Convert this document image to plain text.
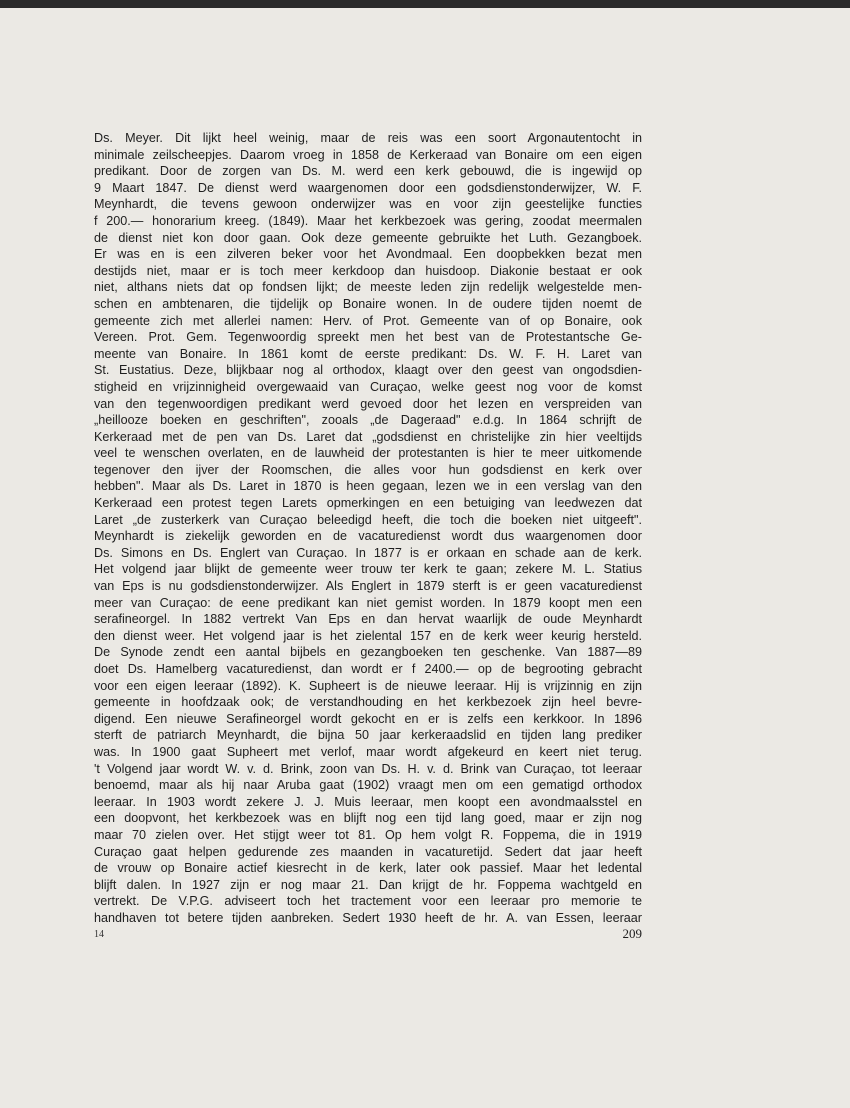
Ds. Meyer. Dit lijkt heel weinig, maar de reis was een soort Argonautentocht in
minimale zeilscheepjes. Daarom vroeg in 1858 de Kerkeraad van Bonaire om een eigen
predikant. Door de zorgen van Ds. M. werd een kerk gebouwd, die is ingewijd op
9 Maart 1847. De dienst werd waargenomen door een godsdienstonderwijzer, W. F.
Meynhardt, die tevens gewoon onderwijzer was en voor zijn geestelijke functies
f 200.— honorarium kreeg. (1849). Maar het kerkbezoek was gering, zoodat meermalen
de dienst niet kon door gaan. Ook deze gemeente gebruikte het Luth. Gezangboek.
Er was en is een zilveren beker voor het Avondmaal. Een doopbekken bezat men
destijds niet, maar er is toch meer kerkdoop dan huisdoop. Diakonie bestaat er ook
niet, althans niets dat op fondsen lijkt; de meeste leden zijn redelijk welgestelde men-
schen en ambtenaren, die tijdelijk op Bonaire wonen. In de oudere tijden noemt de
gemeente zich met allerlei namen: Herv. of Prot. Gemeente van of op Bonaire, ook
Vereen. Prot. Gem. Tegenwoordig spreekt men het best van de Protestantsche Ge-
meente van Bonaire. In 1861 komt de eerste predikant: Ds. W. F. H. Laret van
St. Eustatius. Deze, blijkbaar nog al orthodox, klaagt over den geest van ongodsdien-
stigheid en vrijzinnigheid overgewaaid van Curaçao, welke geest nog voor de komst
van den tegenwoordigen predikant werd gevoed door het lezen en verspreiden van
„heillooze boeken en geschriften", zooals „de Dageraad" e.d.g. In 1864 schrijft de
Kerkeraad met de pen van Ds. Laret dat „godsdienst en christelijke zin hier veeltijds
veel te wenschen overlaten, en de lauwheid der protestanten is hier te meer uitkomende
tegenover den ijver der Roomschen, die alles voor hun godsdienst en kerk over
hebben". Maar als Ds. Laret in 1870 is heen gegaan, lezen we in een verslag van den
Kerkeraad een protest tegen Larets opmerkingen en een betuiging van leedwezen dat
Laret „de zusterkerk van Curaçao beleedigd heeft, die toch die boeken niet uitgeeft".
Meynhardt is ziekelijk geworden en de vacaturedienst wordt dus waargenomen door
Ds. Simons en Ds. Englert van Curaçao. In 1877 is er orkaan en schade aan de kerk.
Het volgend jaar blijkt de gemeente weer trouw ter kerk te gaan; zekere M. L. Statius
van Eps is nu godsdienstonderwijzer. Als Englert in 1879 sterft is er geen vacaturedienst
meer van Curaçao: de eene predikant kan niet gemist worden. In 1879 koopt men een
serafineorgel. In 1882 vertrekt Van Eps en dan hervat waarlijk de oude Meynhardt
den dienst weer. Het volgend jaar is het zielental 157 en de kerk weer keurig hersteld.
De Synode zendt een aantal bijbels en gezangboeken ten geschenke. Van 1887—89
doet Ds. Hamelberg vacaturedienst, dan wordt er f 2400.— op de begrooting gebracht
voor een eigen leeraar (1892). K. Supheert is de nieuwe leeraar. Hij is vrijzinnig en zijn
gemeente in hoofdzaak ook; de verstandhouding en het kerkbezoek zijn heel bevre-
digend. Een nieuwe Serafineorgel wordt gekocht en er is zelfs een kerkkoor. In 1896
sterft de patriarch Meynhardt, die bijna 50 jaar kerkeraadslid en tijden lang prediker
was. In 1900 gaat Supheert met verlof, maar wordt afgekeurd en keert niet terug.
't Volgend jaar wordt W. v. d. Brink, zoon van Ds. H. v. d. Brink van Curaçao, tot leeraar
benoemd, maar als hij naar Aruba gaat (1902) vraagt men om een gematigd orthodox
leeraar. In 1903 wordt zekere J. J. Muis leeraar, men koopt een avondmaalsstel en
een doopvont, het kerkbezoek was en blijft nog een tijd lang goed, maar er zijn nog
maar 70 zielen over. Het stijgt weer tot 81. Op hem volgt R. Foppema, die in 1919
Curaçao gaat helpen gedurende zes maanden in vacaturetijd. Sedert dat jaar heeft
de vrouw op Bonaire actief kiesrecht in de kerk, later ook passief. Maar het ledental
blijft dalen. In 1927 zijn er nog maar 21. Dan krijgt de hr. Foppema wachtgeld en
vertrekt. De V.P.G. adviseert toch het tractement voor een leeraar pro memorie te
handhaven tot betere tijden aanbreken. Sedert 1930 heeft de hr. A. van Essen, leeraar
14	209
